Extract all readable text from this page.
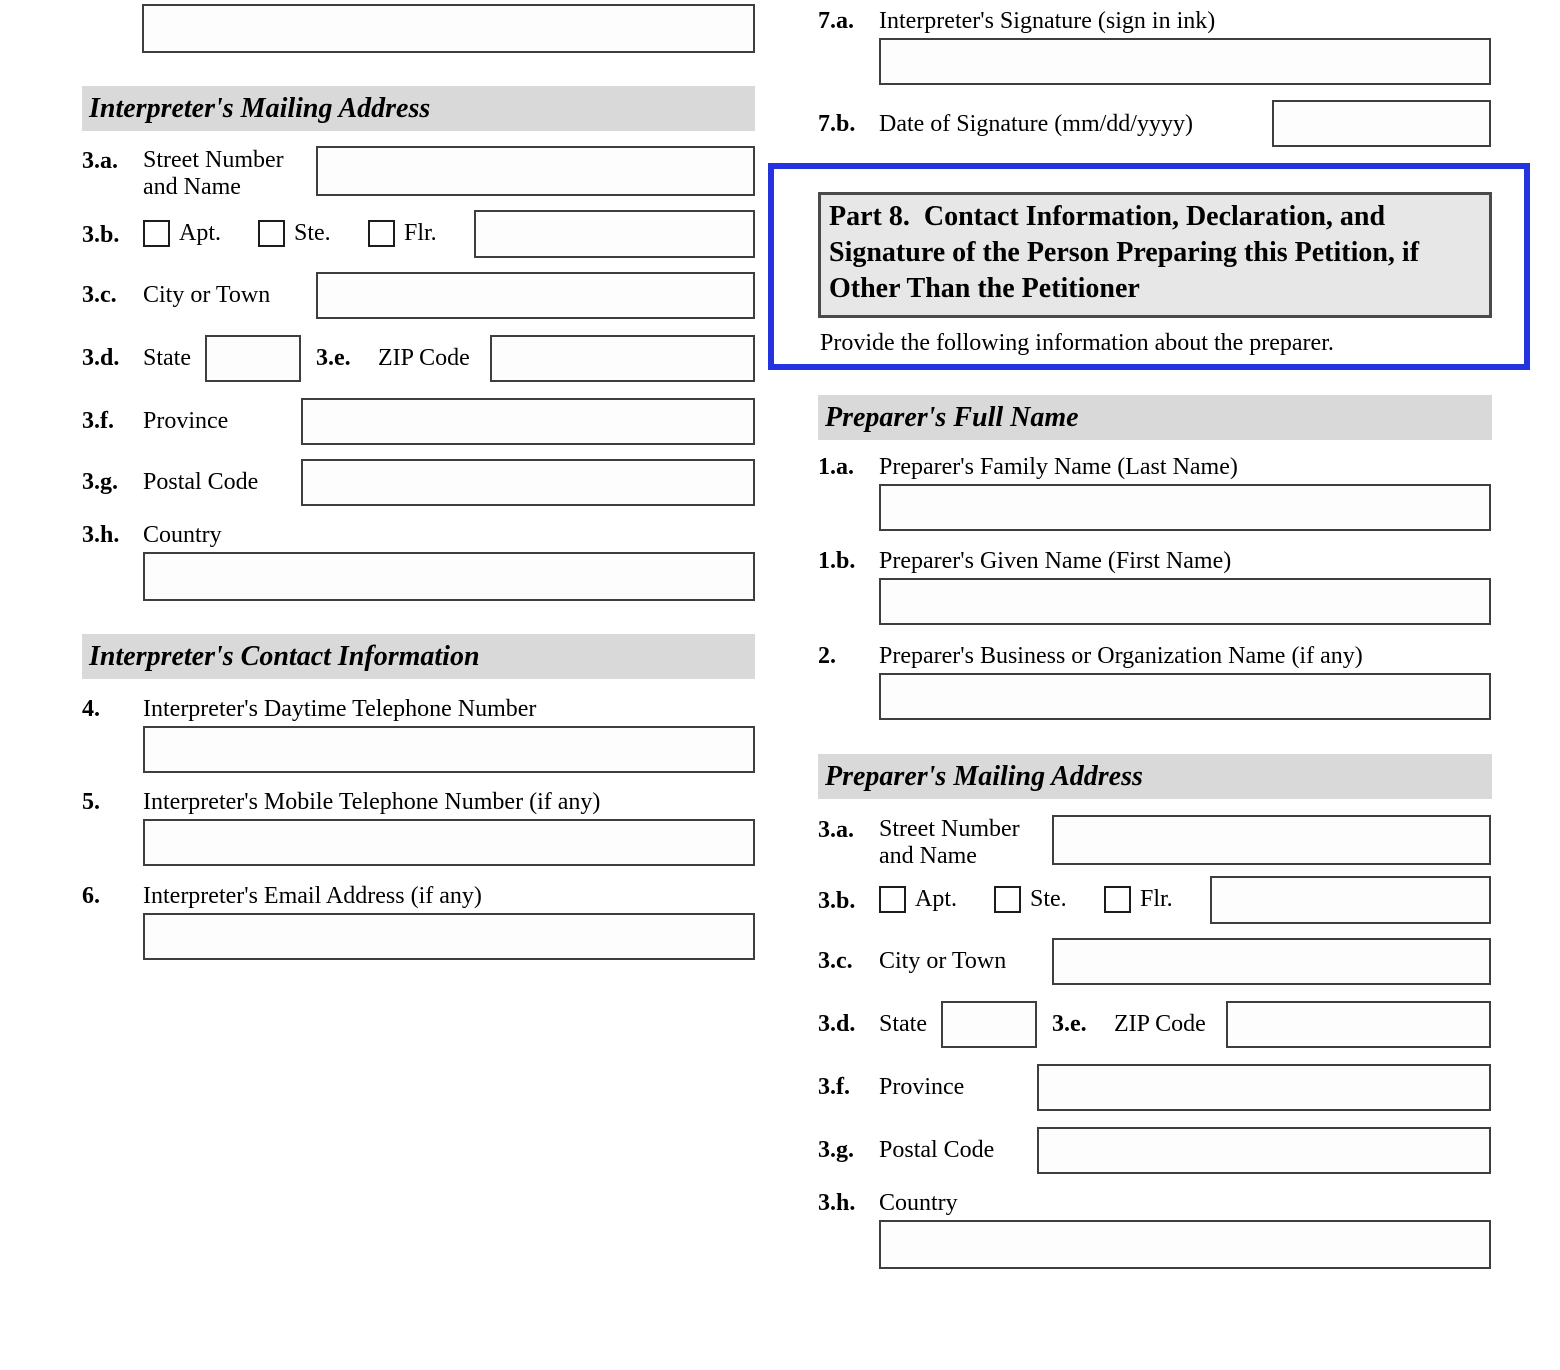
Interpreter's Mailing Address
3.a. Street Number
and Name
3.b. Apt.	Ste.	Flr.
3.c. City or Town
3.d. State	3.e. ZIP Code
3.f. Province
3.g. Postal Code
3.h. Country
Interpreter's Contact Information
4. Interpreter's Daytime Telephone Number
5. Interpreter's Mobile Telephone Number (if any)
6. Interpreter's Email Address (if any)
7.a. Interpreter's Signature (sign in ink)
7.b. Date of Signature (mm/dd/yyyy)
Part 8.  Contact Information, Declaration, and
Signature of the Person Preparing this Petition, if
Other Than the Petitioner
Provide the following information about the preparer.
Preparer's Full Name
1.a. Preparer's Family Name (Last Name)
1.b. Preparer's Given Name (First Name)
2. Preparer's Business or Organization Name (if any)
Preparer's Mailing Address
3.a. Street Number
and Name
3.b. Apt.	Ste.	Flr.
3.c. City or Town
3.d. State	3.e. ZIP Code
3.f. Province
3.g. Postal Code
3.h. Country
